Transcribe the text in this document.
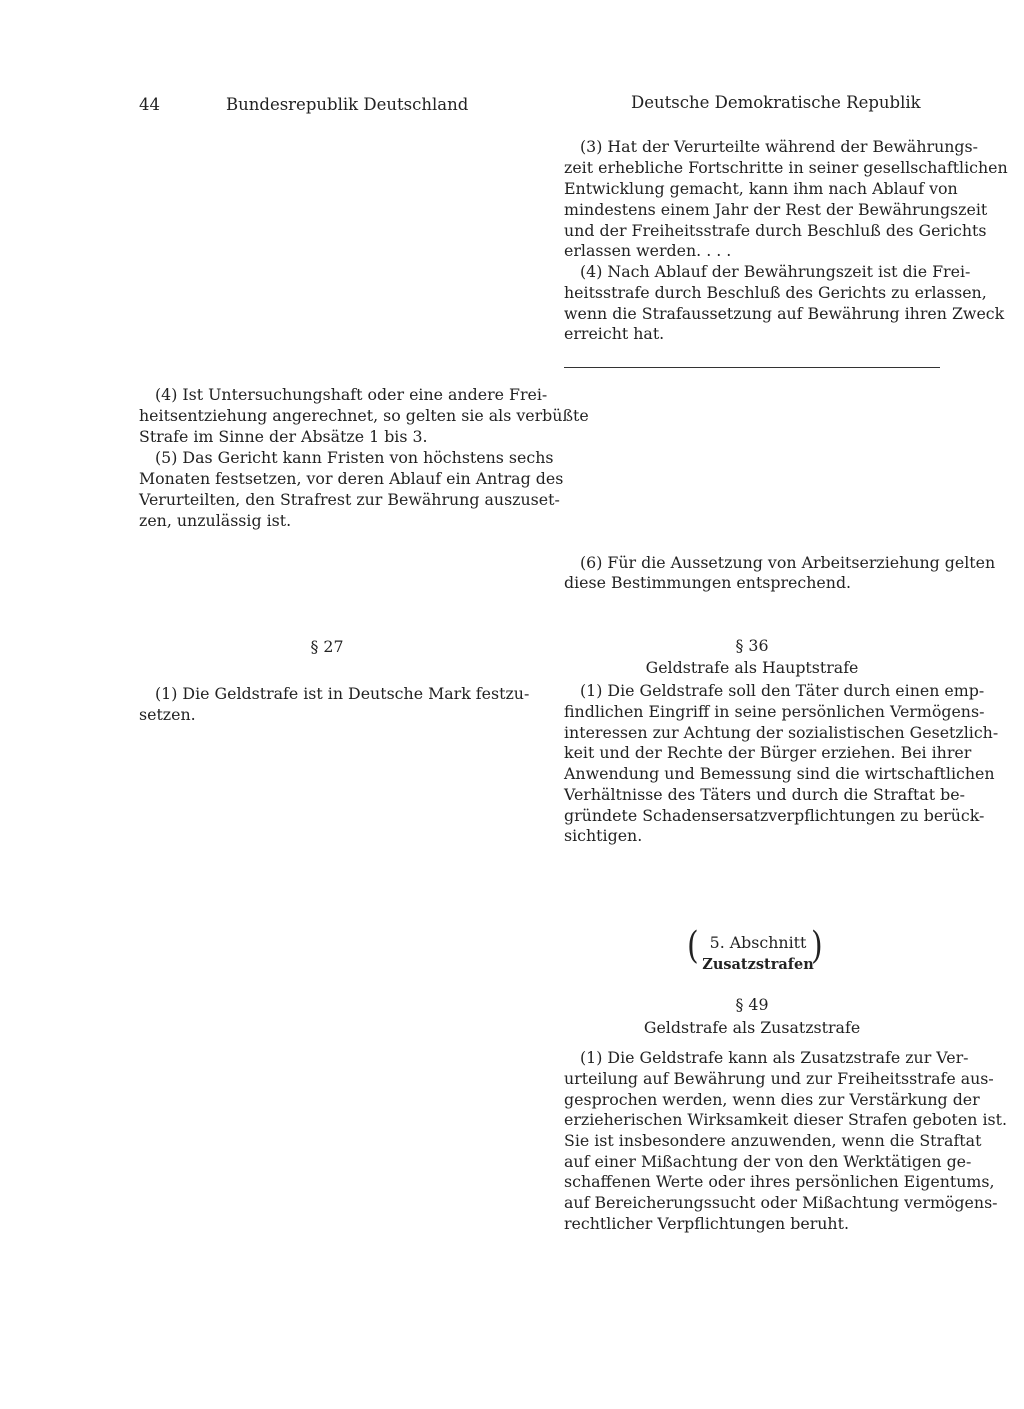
44	Bundesrepublik Deutschland	Deutsche Demokratische Republik
(3) Hat der Verurteilte während der Bewährungs-
zeit erhebliche Fortschritte in seiner gesellschaftlichen
Entwicklung gemacht, kann ihm nach Ablauf von
mindestens einem Jahr der Rest der Bewährungszeit
und der Freiheitsstrafe durch Beschluß des Gerichts
erlassen werden. . . .
(4) Nach Ablauf der Bewährungszeit ist die Frei-
heitsstrafe durch Beschluß des Gerichts zu erlassen,
wenn die Strafaussetzung auf Bewährung ihren Zweck
erreicht hat.
(4) Ist Untersuchungshaft oder eine andere Frei-
heitsentziehung angerechnet, so gelten sie als verbüßte
Strafe im Sinne der Absätze 1 bis 3.
(5) Das Gericht kann Fristen von höchstens sechs
Monaten festsetzen, vor deren Ablauf ein Antrag des
Verurteilten, den Strafrest zur Bewährung auszuset-
zen, unzulässig ist.
(6) Für die Aussetzung von Arbeitserziehung gelten
diese Bestimmungen entsprechend.
§ 27
(1) Die Geldstrafe ist in Deutsche Mark festzu-
setzen.
§ 36
Geldstrafe als Hauptstrafe
(1) Die Geldstrafe soll den Täter durch einen emp-
findlichen Eingriff in seine persönlichen Vermögens-
interessen zur Achtung der sozialistischen Gesetzlich-
keit und der Rechte der Bürger erziehen. Bei ihrer
Anwendung und Bemessung sind die wirtschaftlichen
Verhältnisse des Täters und durch die Straftat be-
gründete Schadensersatzverpflichtungen zu berück-
sichtigen.
( 5. Abschnitt
Zusatzstrafen
)
§ 49
Geldstrafe als Zusatzstrafe
(1) Die Geldstrafe kann als Zusatzstrafe zur Ver-
urteilung auf Bewährung und zur Freiheitsstrafe aus-
gesprochen werden, wenn dies zur Verstärkung der
erzieherischen Wirksamkeit dieser Strafen geboten ist.
Sie ist insbesondere anzuwenden, wenn die Straftat
auf einer Mißachtung der von den Werktätigen ge-
schaffenen Werte oder ihres persönlichen Eigentums,
auf Bereicherungssucht oder Mißachtung vermögens-
rechtlicher Verpflichtungen beruht.
